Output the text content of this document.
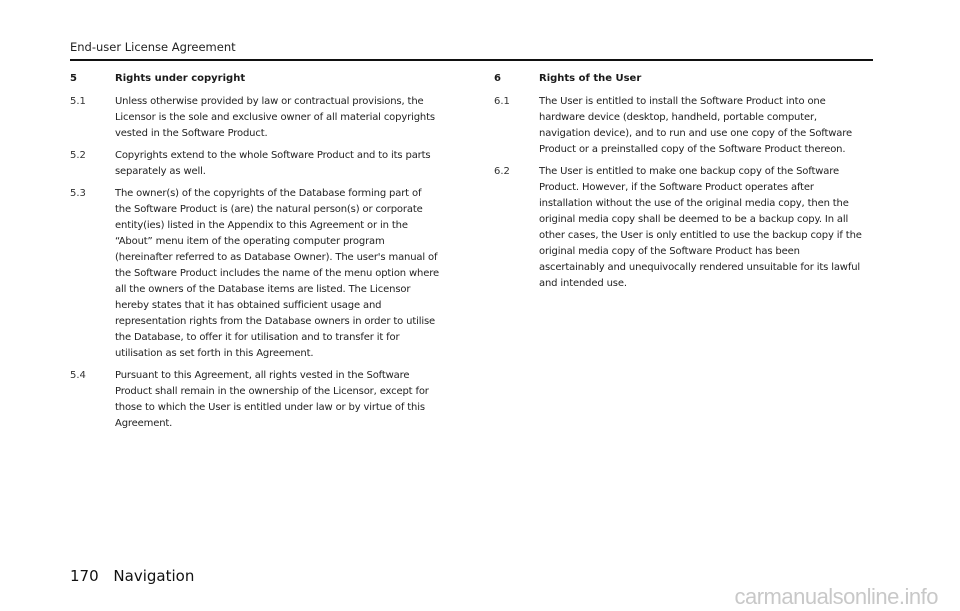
End-user License Agreement
5	Rights under copyright
5.1	Unless otherwise provided by law or contractual provisions, the Licensor is the sole and exclusive owner of all material copyrights vested in the Software Product.
5.2	Copyrights extend to the whole Software Product and to its parts separately as well.
5.3	The owner(s) of the copyrights of the Database forming part of the Software Product is (are) the natural person(s) or corporate entity(ies) listed in the Appendix to this Agreement or in the “About” menu item of the operating computer program (hereinafter referred to as Database Owner). The user's manual of the Software Product includes the name of the menu option where all the owners of the Database items are listed. The Licensor hereby states that it has obtained sufficient usage and representation rights from the Database owners in order to utilise the Database, to offer it for utilisation and to transfer it for utilisation as set forth in this Agreement.
5.4	Pursuant to this Agreement, all rights vested in the Software Product shall remain in the ownership of the Licensor, except for those to which the User is entitled under law or by virtue of this Agreement.
6	Rights of the User
6.1	The User is entitled to install the Software Product into one hardware device (desktop, handheld, portable computer, navigation device), and to run and use one copy of the Software Product or a preinstalled copy of the Software Product thereon.
6.2	The User is entitled to make one backup copy of the Software Product. However, if the Software Product operates after installation without the use of the original media copy, then the original media copy shall be deemed to be a backup copy. In all other cases, the User is only entitled to use the backup copy if the original media copy of the Software Product has been ascertainably and unequivocally rendered unsuitable for its lawful and intended use.
170 Navigation
carmanualsonline.info
